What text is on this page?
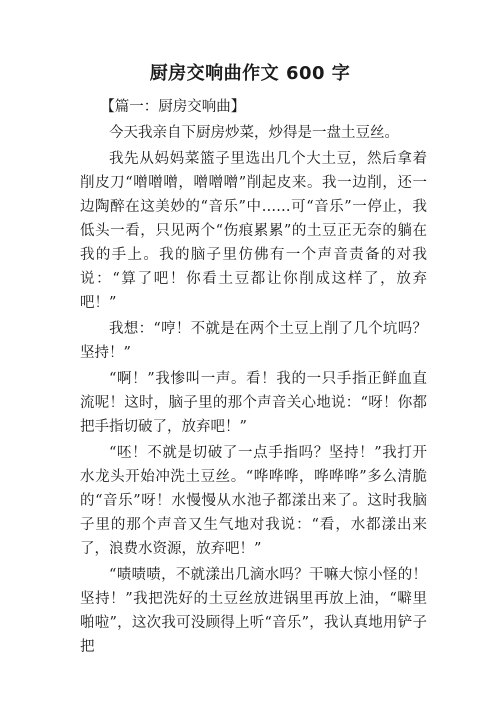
厨房交响曲作文 600 字

【篇一：厨房交响曲】

今天我亲自下厨房炒菜，炒得是一盘土豆丝。

我先从妈妈菜篮子里选出几个大土豆，然后拿着削皮刀“噌噌噌，噌噌噌”削起皮来。我一边削，还一边陶醉在这美妙的“音乐”中……可“音乐”一停止，我低头一看，只见两个“伤痕累累”的土豆正无奈的躺在我的手上。我的脑子里仿佛有一个声音责备的对我说：“算了吧！你看土豆都让你削成这样了，放弃吧！”

我想：“哼！不就是在两个土豆上削了几个坑吗？坚持！”

“啊！”我惨叫一声。看！我的一只手指正鲜血直流呢！这时，脑子里的那个声音关心地说：“呀！你都把手指切破了，放弃吧！”

“呸！不就是切破了一点手指吗？坚持！”我打开水龙头开始冲洗土豆丝。“哗哗哗，哗哗哗”多么清脆的“音乐”呀！水慢慢从水池子都漾出来了。这时我脑子里的那个声音又生气地对我说：“看，水都漾出来了，浪费水资源，放弃吧！”

“啧啧啧，不就漾出几滴水吗？干嘛大惊小怪的！坚持！”我把洗好的土豆丝放进锅里再放上油，“噼里啪啦”，这次我可没顾得上听“音乐”，我认真地用铲子把
